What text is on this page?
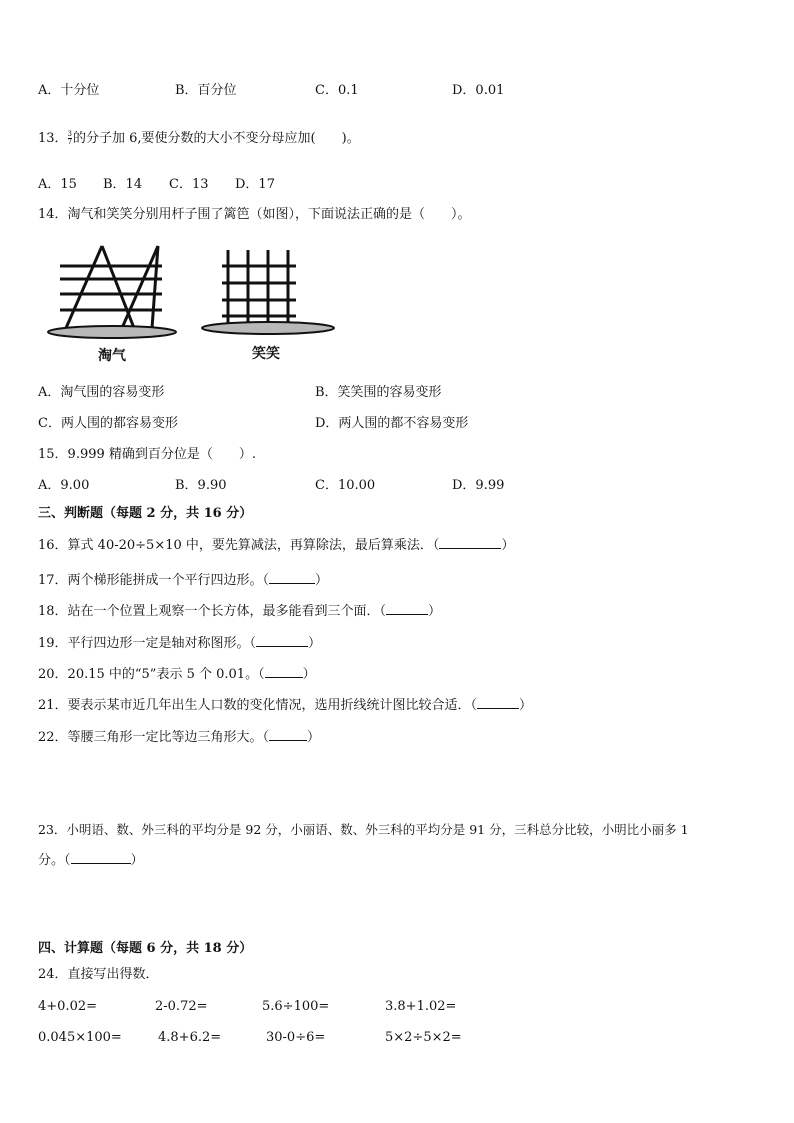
A．十分位	B．百分位	C．0.1	D．0.01
13． $\frac{3}{7}$ 的分子加 6,要使分数的大小不变分母应加(　　)。
A．15 B．14 C．13 D．17
14．淘气和笑笑分别用杆子围了篱笆（如图），下面说法正确的是（　　）。
淘气	笑笑
A．淘气围的容易变形	B．笑笑围的容易变形
C．两人围的都容易变形	D．两人围的都不容易变形
15．9.999 精确到百分位是（　　）.
A．9.00	B．9.90	C．10.00	D．9.99
三、判断题（每题 2 分，共 16 分）
16．算式 40-20÷5×10 中，要先算减法，再算除法，最后算乘法．（	）
17．两个梯形能拼成一个平行四边形。（	）
18．站在一个位置上观察一个长方体，最多能看到三个面．（	）
19．平行四边形一定是轴对称图形。（	）
20．20.15 中的“5”表示 5 个 0.01。（	）
21．要表示某市近几年出生人口数的变化情况，选用折线统计图比较合适．（	）
22．等腰三角形一定比等边三角形大。（	）
23．小明语、数、外三科的平均分是 92 分，小丽语、数、外三科的平均分是 91 分，三科总分比较，小明比小丽多 1
分。（	）
四、计算题（每题 6 分，共 18 分）
24．直接写出得数．
4+0.02=	2-0.72=	5.6÷100=	3.8+1.02=
0.045×100=	4.8+6.2=	30-0÷6=	5×2÷5×2=
